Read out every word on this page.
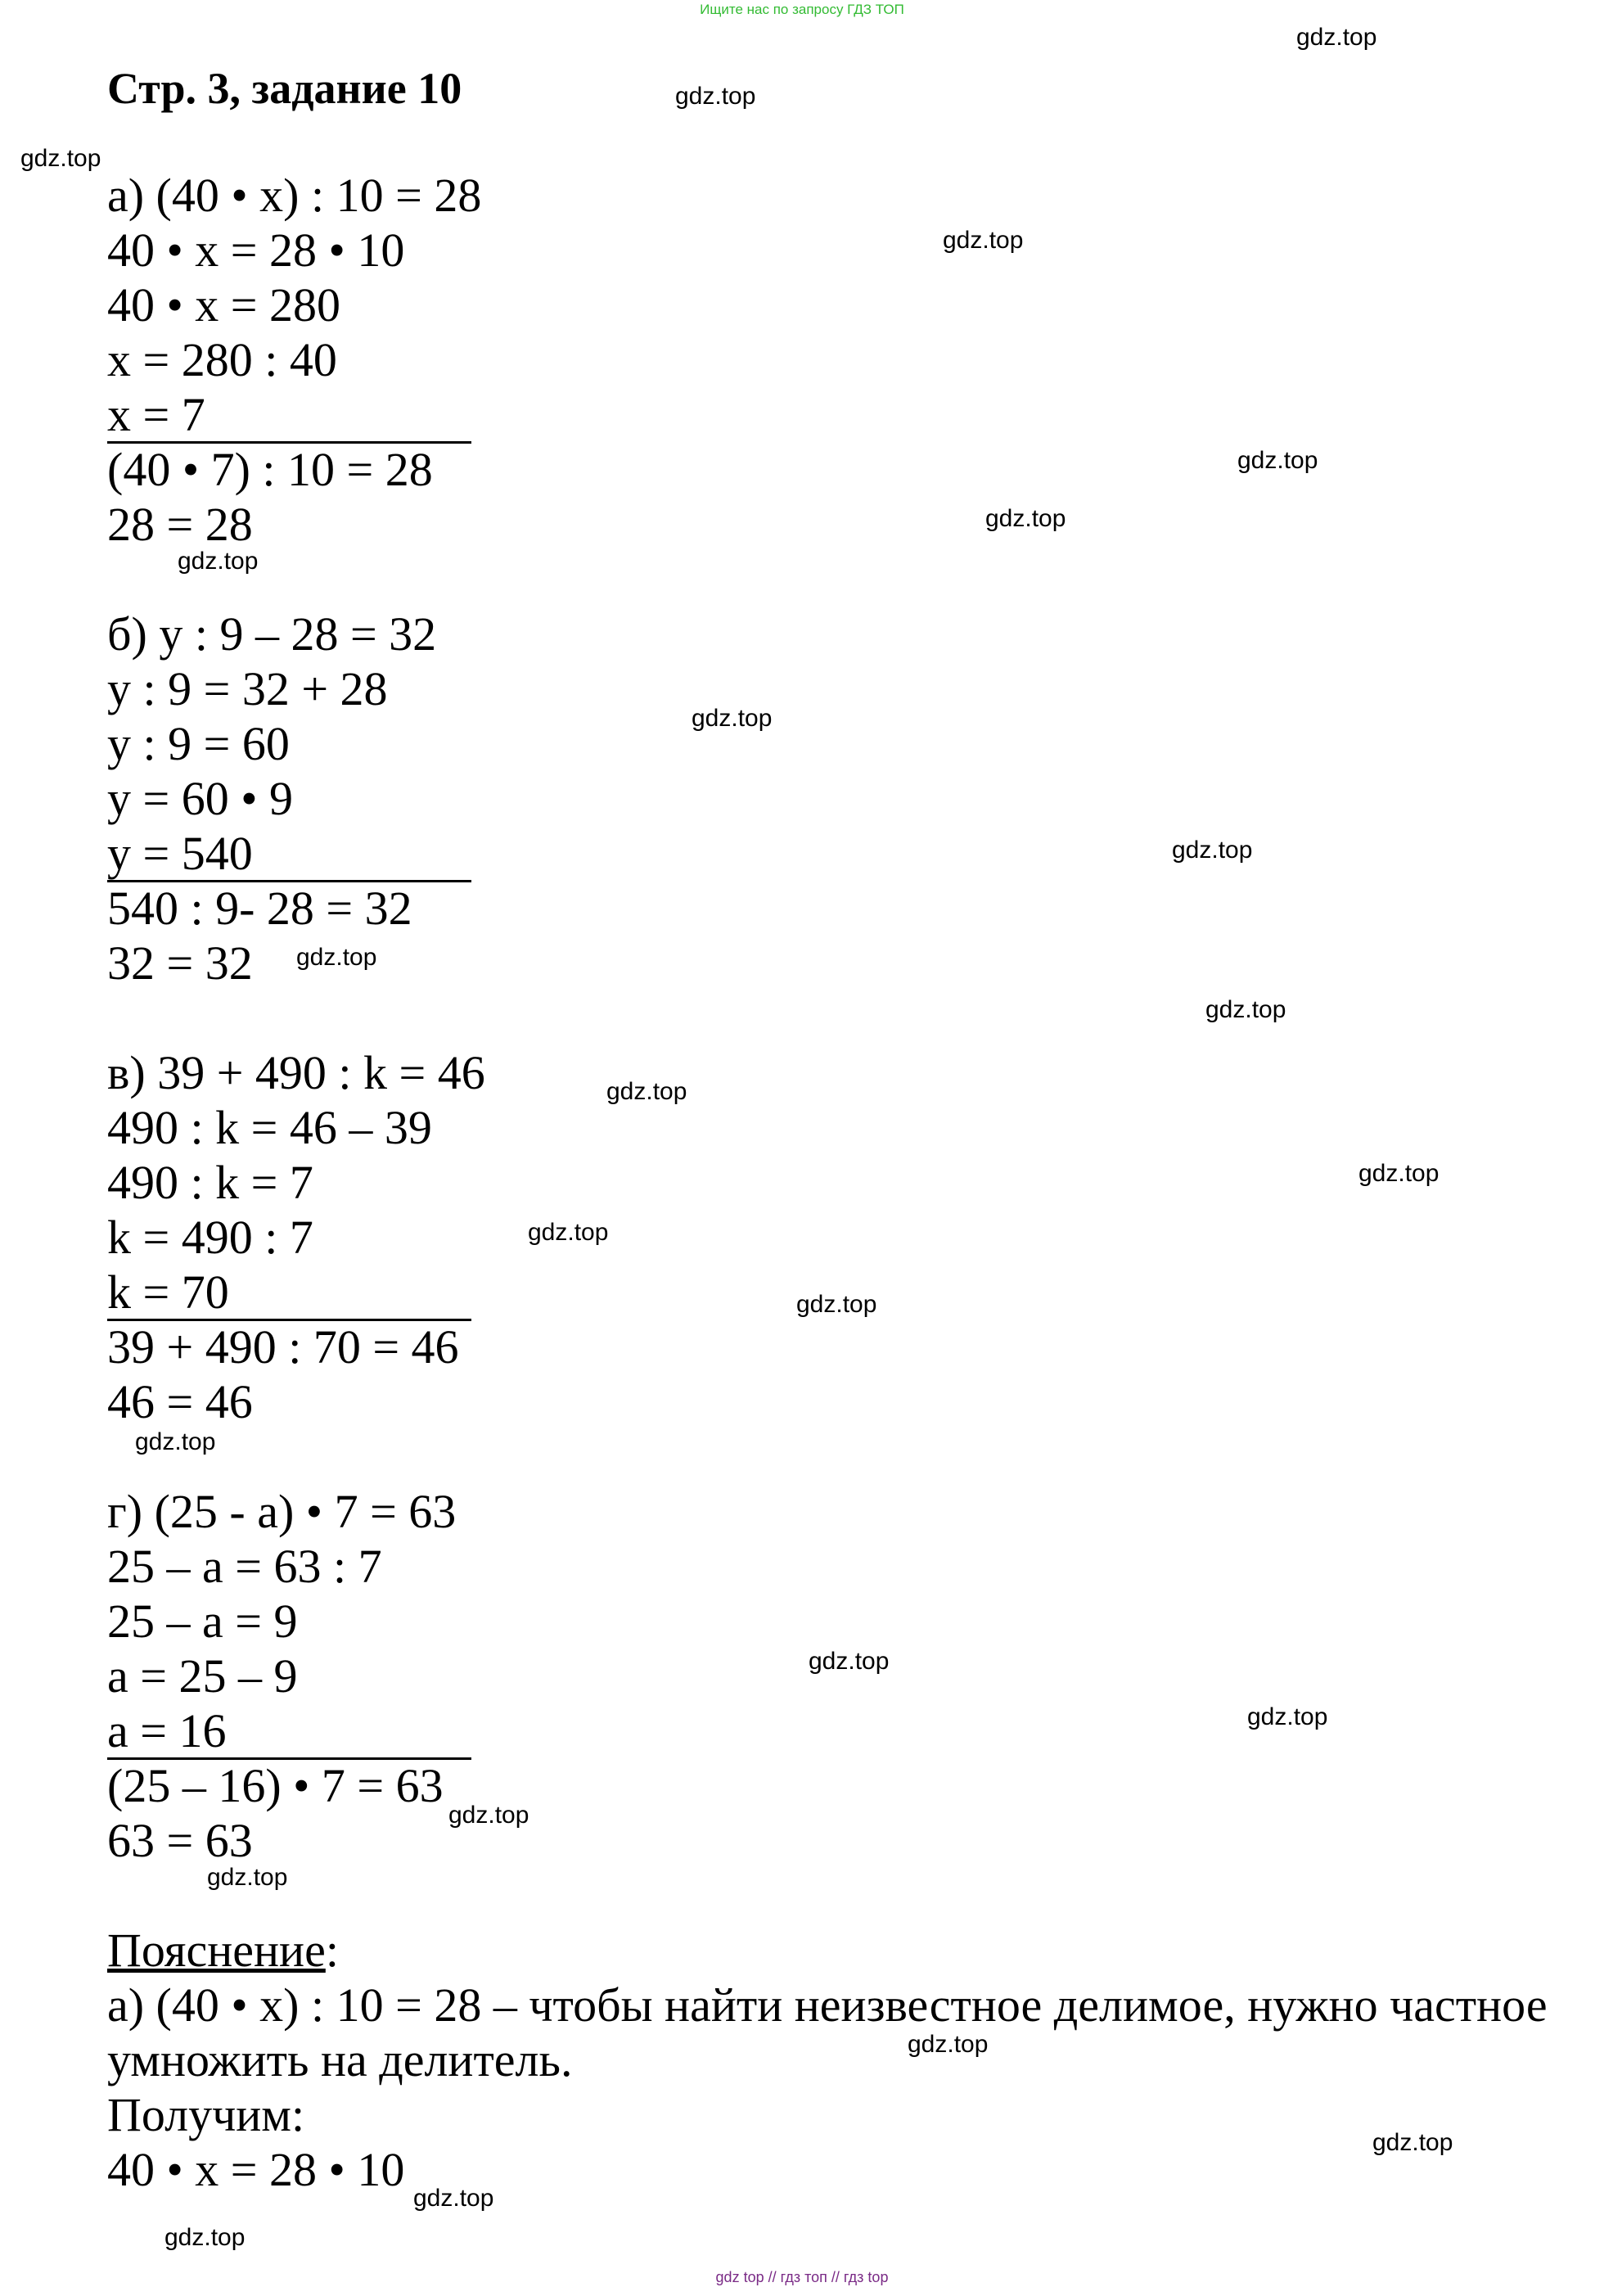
Ищите нас по запросу ГДЗ ТОП
Стр. 3, задание 10
а) (40 • x) : 10 = 28
40 • x = 28 • 10
40 • x = 280
x = 280 : 40
x = 7
(40 • 7) : 10 = 28
28 = 28
б) y : 9 – 28 = 32
y : 9 = 32 + 28
y : 9 = 60
y = 60 • 9
y = 540
540 : 9- 28 = 32
32 = 32
в) 39 + 490 : k = 46
490 : k = 46 – 39
490 : k = 7
k = 490 : 7
k = 70
39 + 490 : 70 = 46
46 = 46
г) (25 - a) • 7 = 63
25 – a = 63 : 7
25 – a = 9
a = 25 – 9
a = 16
(25 – 16) • 7 = 63
63 = 63
Пояснение:
а) (40 • x) : 10 = 28 – чтобы найти неизвестное делимое, нужно частное
умножить на делитель.
Получим:
40 • x = 28 • 10
gdz.top
gdz.top
gdz.top
gdz.top
gdz.top
gdz.top
gdz.top
gdz.top
gdz.top
gdz.top
gdz.top
gdz.top
gdz.top
gdz.top
gdz.top
gdz.top
gdz.top
gdz.top
gdz.top
gdz.top
gdz.top
gdz.top
gdz.top
gdz.top
gdz top // гдз топ // гдз top
